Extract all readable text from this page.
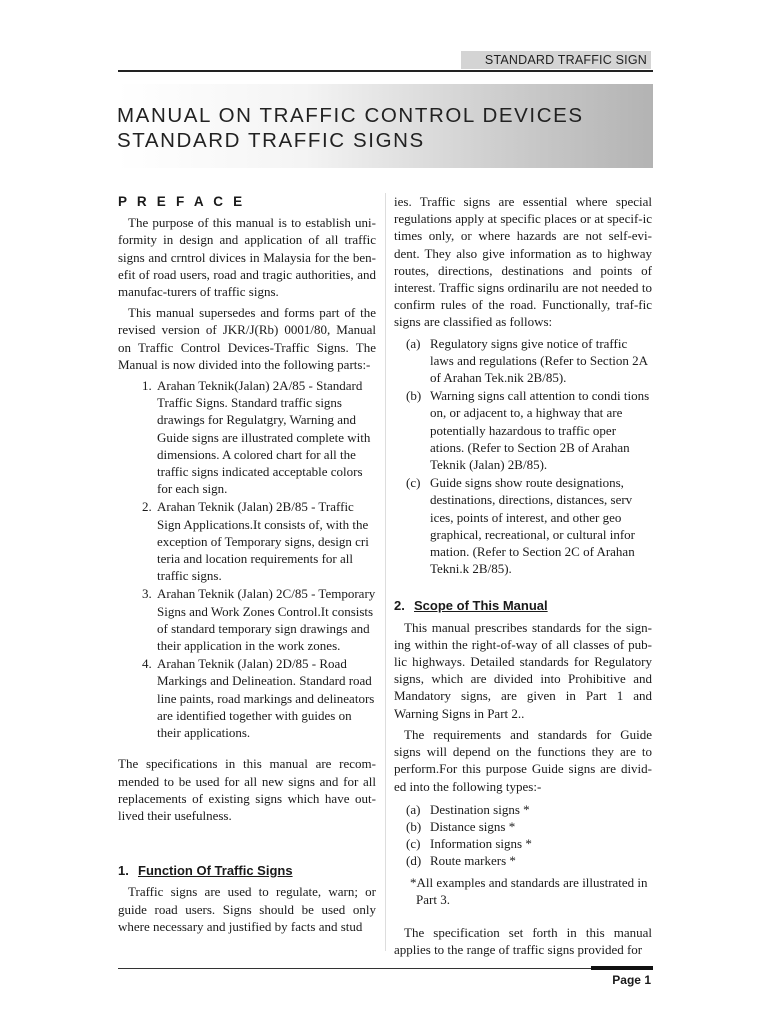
STANDARD TRAFFIC SIGN
MANUAL ON TRAFFIC CONTROL DEVICES
STANDARD TRAFFIC SIGNS
P R E F A C E

The purpose of this manual is to establish uni-formity in design and application of all traffic signs and crntrol divices in Malaysia for the ben-efit of road users, road and tragic authorities, and manufac-turers of traffic signs.

This manual supersedes and forms part of the revised version of JKR/J(Rb) 0001/80, Manual on Traffic Control Devices-Traffic Signs. The Manual is now divided into the following parts:-

1. Arahan Teknik(Jalan) 2A/85 - Standard Traffic Signs. Standard traffic signs drawings for Regulatgry, Warning and Guide signs are illustrated complete with dimensions. A colored chart for all the traffic signs indicated acceptable colors for each sign.
2. Arahan Teknik (Jalan) 2B/85 - Traffic Sign Applications.It consists of, with the exception of Temporary signs, design cri teria and location requirements for all traffic signs.
3. Arahan Teknik (Jalan) 2C/85 - Temporary Signs and Work Zones Control.It consists of standard temporary sign drawings and their application in the work zones.
4. Arahan Teknik (Jalan) 2D/85 - Road Markings and Delineation. Standard road line paints, road markings and delineators are identified together with guides on their applications.

The specifications in this manual are recom-mended to be used for all new signs and for all replacements of existing signs which have out-lived their usefulness.

1. Function Of Traffic Signs

Traffic signs are used to regulate, warn; or guide road users. Signs should be used only where necessary and justified by facts and stud

ies. Traffic signs are essential where special regulations apply at specific places or at specif-ic times only, or where hazards are not self-evi-dent. They also give information as to highway routes, directions, destinations and points of interest. Traffic signs ordinarilu are not needed to confirm rules of the road. Functionally, traf-fic signs are classified as follows:

(a) Regulatory signs give notice of traffic laws and regulations (Refer to Section 2A of Arahan Tek.nik 2B/85).
(b) Warning signs call attention to condi tions on, or adjacent to, a highway that are potentially hazardous to traffic oper ations. (Refer to Section 2B of Arahan Teknik (Jalan) 2B/85).
(c) Guide signs show route designations, destinations, directions, distances, serv ices, points of interest, and other geo graphical, recreational, or cultural infor mation. (Refer to Section 2C of Arahan Tekni.k 2B/85).
2. Scope of This Manual

This manual prescribes standards for the sign-ing within the right-of-way of all classes of pub-lic highways. Detailed standards for Regulatory signs, which are divided into Prohibitive and Mandatory signs, are given in Part 1 and Warning Signs in Part 2..

The requirements and standards for Guide signs will depend on the functions they are to perform.For this purpose Guide signs are divid-ed into the following types:-

(a) Destination signs *
(b) Distance signs *
(c) Information signs *
(d) Route markers *

*All examples and standards are illustrated in Part 3.

The specification set forth in this manual applies to the range of traffic signs provided for

Page 1
